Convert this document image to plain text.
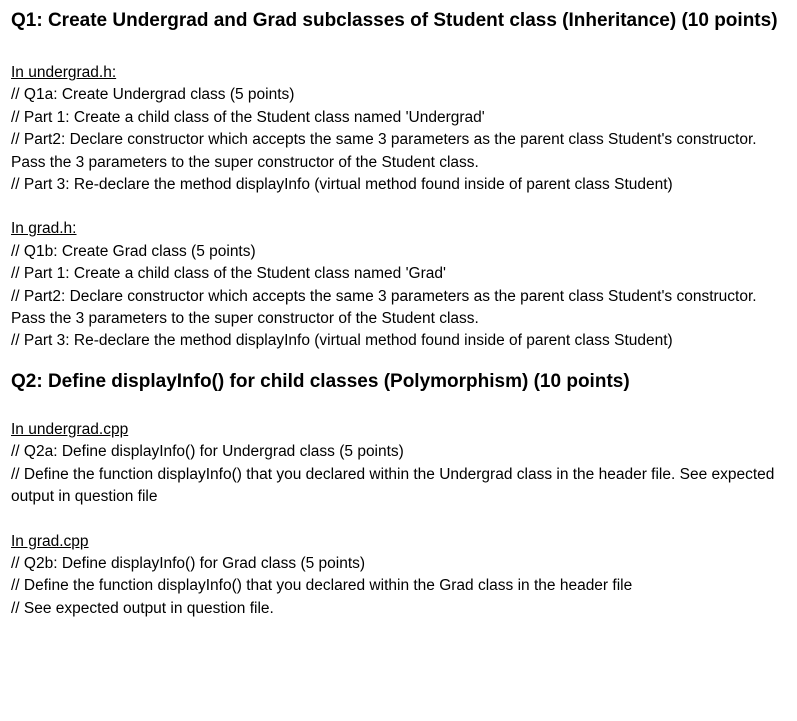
Q1: Create Undergrad and Grad subclasses of Student class (Inheritance) (10 points)
In undergrad.h:
// Q1a: Create Undergrad class (5 points)
// Part 1: Create a child class of the Student class named 'Undergrad'
// Part2: Declare constructor which accepts the same 3 parameters as the parent class Student's constructor. Pass the 3 parameters to the super constructor of the Student class.
// Part 3: Re-declare the method displayInfo (virtual method found inside of parent class Student)
In grad.h:
// Q1b: Create Grad class (5 points)
// Part 1: Create a child class of the Student class named 'Grad'
// Part2: Declare constructor which accepts the same 3 parameters as the parent class Student's constructor. Pass the 3 parameters to the super constructor of the Student class.
// Part 3: Re-declare the method displayInfo (virtual method found inside of parent class Student)
Q2: Define displayInfo() for child classes (Polymorphism) (10 points)
In undergrad.cpp
// Q2a: Define displayInfo() for Undergrad class (5 points)
// Define the function displayInfo() that you declared within the Undergrad class in the header file. See expected output in question file
In grad.cpp
// Q2b: Define displayInfo() for Grad class (5 points)
// Define the function displayInfo() that you declared within the Grad class in the header file
// See expected output in question file.
